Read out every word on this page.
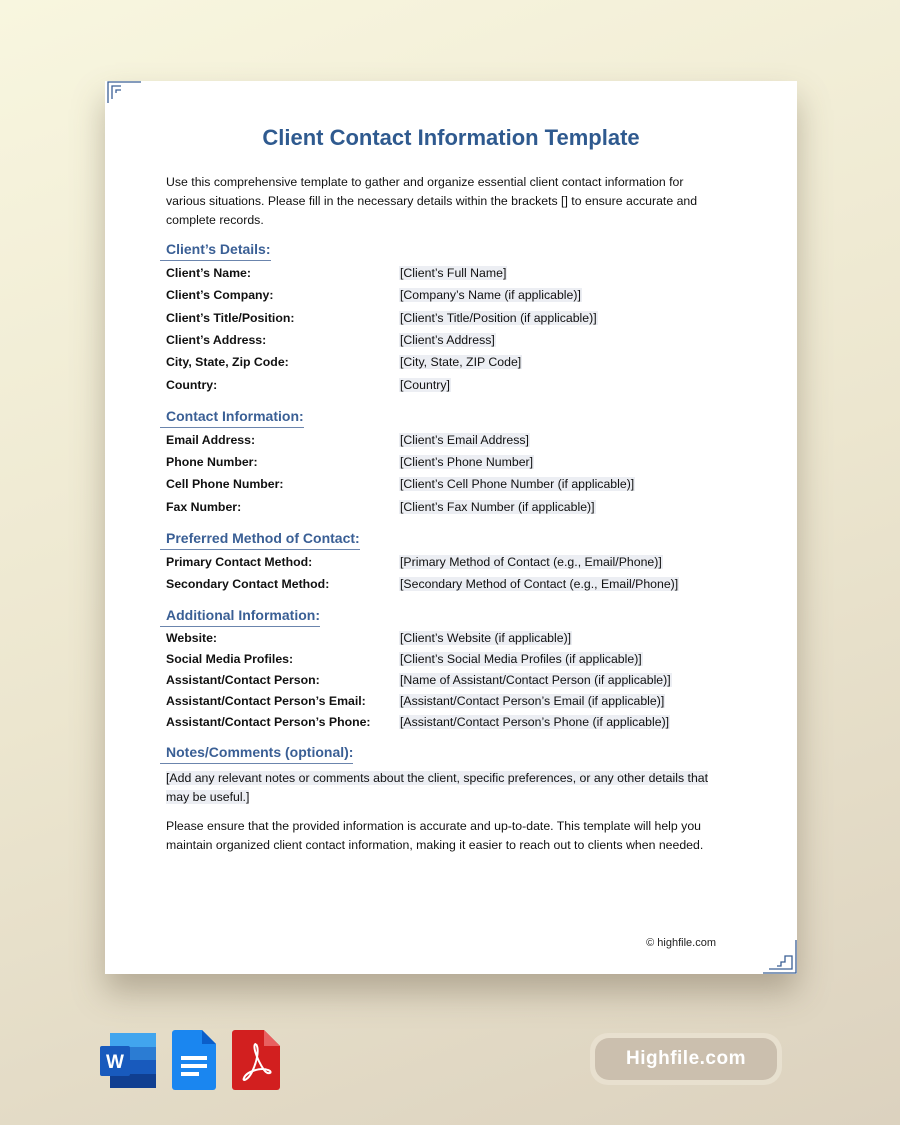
Client Contact Information Template
Use this comprehensive template to gather and organize essential client contact information for various situations. Please fill in the necessary details within the brackets [] to ensure accurate and complete records.
Client’s Details:
Client’s Name:	[Client’s Full Name]
Client’s Company:	[Company’s Name (if applicable)]
Client’s Title/Position:	[Client’s Title/Position (if applicable)]
Client’s Address:	[Client’s Address]
City, State, Zip Code:	[City, State, ZIP Code]
Country:	[Country]
Contact Information:
Email Address:	[Client’s Email Address]
Phone Number:	[Client’s Phone Number]
Cell Phone Number:	[Client’s Cell Phone Number (if applicable)]
Fax Number:	[Client’s Fax Number (if applicable)]
Preferred Method of Contact:
Primary Contact Method:	[Primary Method of Contact (e.g., Email/Phone)]
Secondary Contact Method:	[Secondary Method of Contact (e.g., Email/Phone)]
Additional Information:
Website:	[Client’s Website (if applicable)]
Social Media Profiles:	[Client’s Social Media Profiles (if applicable)]
Assistant/Contact Person:	[Name of Assistant/Contact Person (if applicable)]
Assistant/Contact Person’s Email:	[Assistant/Contact Person’s Email (if applicable)]
Assistant/Contact Person’s Phone: [Assistant/Contact Person’s Phone (if applicable)]
Notes/Comments (optional):
[Add any relevant notes or comments about the client, specific preferences, or any other details that may be useful.]
Please ensure that the provided information is accurate and up-to-date. This template will help you maintain organized client contact information, making it easier to reach out to clients when needed.
© highfile.com
W	Highfile.com
